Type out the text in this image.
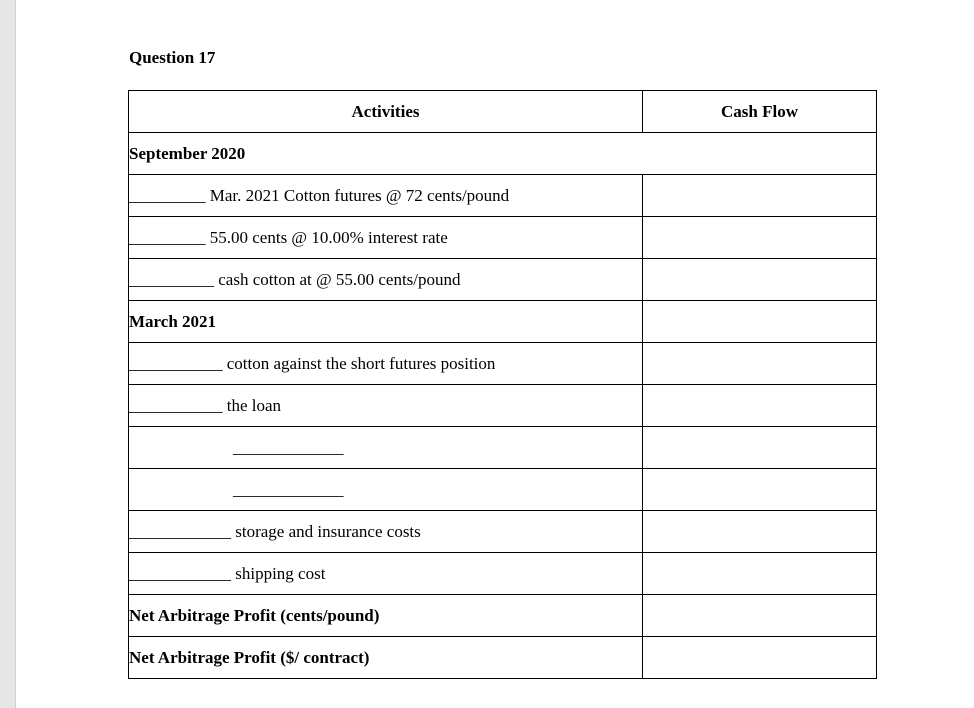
Question 17
Activities	Cash Flow
September 2020	
_________ Mar. 2021 Cotton futures @ 72 cents/pound	
_________ 55.00 cents @ 10.00% interest rate	
__________ cash cotton at @ 55.00 cents/pound	
March 2021	
___________ cotton against the short futures position	
___________ the loan	
_____________	
_____________	
____________ storage and insurance costs	
____________ shipping cost	
Net Arbitrage Profit (cents/pound)	
Net Arbitrage Profit ($/ contract)	
